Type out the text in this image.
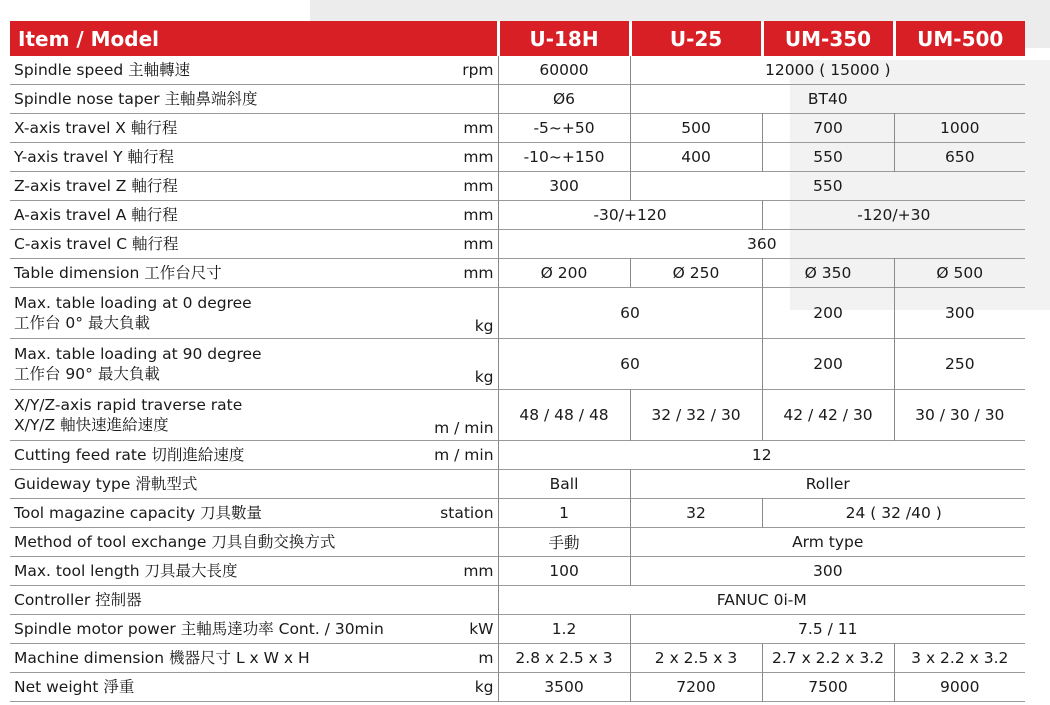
Item / Model		U-18H	U-25	UM-350	UM-500

Spindle speed 主軸轉速	rpm	60000	12000 ( 15000 )		

Spindle nose taper 主軸鼻端斜度		Ø6	BT40		

X-axis travel X 軸行程	mm	-5~+50	500	700	1000

Y-axis travel Y 軸行程	mm	-10~+150	400	550	650

Z-axis travel Z 軸行程	mm	300	550		

A-axis travel A 軸行程	mm	-30/+120		-120/+30	

C-axis travel C 軸行程	mm	360			

Table dimension 工作台尺寸	mm	Ø 200	Ø 250	Ø 350	Ø 500

Max. table loading at 0 degree
工作台 0° 最大負載	kg	60		200	300

Max. table loading at 90 degree
工作台 90° 最大負載	kg	60		200	250

X/Y/Z-axis rapid traverse rate
X/Y/Z 軸快速進給速度	m / min	48 / 48 / 48	32 / 32 / 30	42 / 42 / 30	30 / 30 / 30

Cutting feed rate 切削進給速度	m / min	12			

Guideway type 滑軌型式		Ball	Roller		

Tool magazine capacity 刀具數量	station	1	32	24 ( 32 /40 )	

Method of tool exchange 刀具自動交換方式		手動	Arm type		

Max. tool length 刀具最大長度	mm	100	300		

Controller 控制器		FANUC 0i-M			

Spindle motor power 主軸馬達功率 Cont. / 30min	kW	1.2	7.5 / 11		

Machine dimension 機器尺寸 L x W x H	m	2.8 x 2.5 x 3	2 x 2.5 x 3	2.7 x 2.2 x 3.2	3 x 2.2 x 3.2

Net weight 淨重	kg	3500	7200	7500	9000
